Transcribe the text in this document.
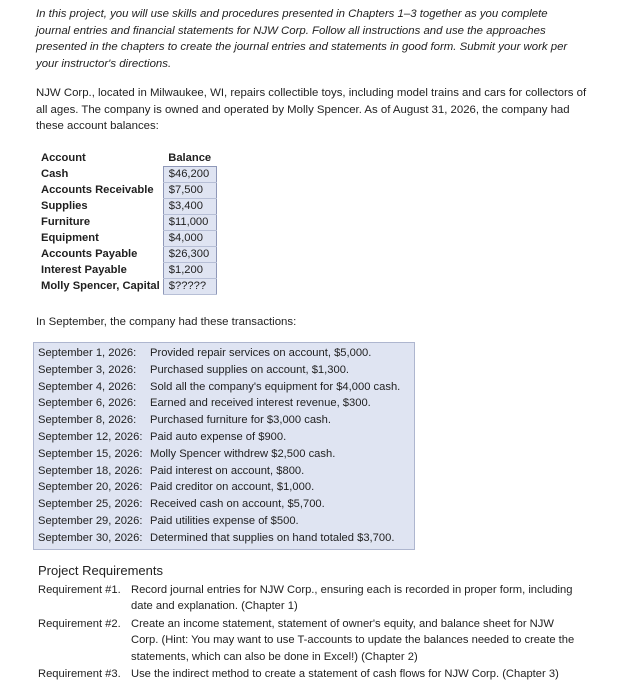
In this project, you will use skills and procedures presented in Chapters 1–3 together as you complete journal entries and financial statements for NJW Corp. Follow all instructions and use the approaches presented in the chapters to create the journal entries and statements in good form. Submit your work per your instructor's directions.
NJW Corp., located in Milwaukee, WI, repairs collectible toys, including model trains and cars for collectors of all ages. The company is owned and operated by Molly Spencer. As of August 31, 2026, the company had these account balances:
Account	Balance
Cash	$46,200
Accounts Receivable	$7,500
Supplies	$3,400
Furniture	$11,000
Equipment	$4,000
Accounts Payable	$26,300
Interest Payable	$1,200
Molly Spencer, Capital	$?????
In September, the company had these transactions:
September 1, 2026: Provided repair services on account, $5,000.
September 3, 2026: Purchased supplies on account, $1,300.
September 4, 2026: Sold all the company's equipment for $4,000 cash.
September 6, 2026: Earned and received interest revenue, $300.
September 8, 2026: Purchased furniture for $3,000 cash.
September 12, 2026: Paid auto expense of $900.
September 15, 2026: Molly Spencer withdrew $2,500 cash.
September 18, 2026: Paid interest on account, $800.
September 20, 2026: Paid creditor on account, $1,000.
September 25, 2026: Received cash on account, $5,700.
September 29, 2026: Paid utilities expense of $500.
September 30, 2026: Determined that supplies on hand totaled $3,700.
Project Requirements
Requirement #1. Record journal entries for NJW Corp., ensuring each is recorded in proper form, including date and explanation. (Chapter 1)
Requirement #2. Create an income statement, statement of owner's equity, and balance sheet for NJW Corp. (Hint: You may want to use T-accounts to update the balances needed to create the statements, which can also be done in Excel!) (Chapter 2)
Requirement #3. Use the indirect method to create a statement of cash flows for NJW Corp. (Chapter 3)
